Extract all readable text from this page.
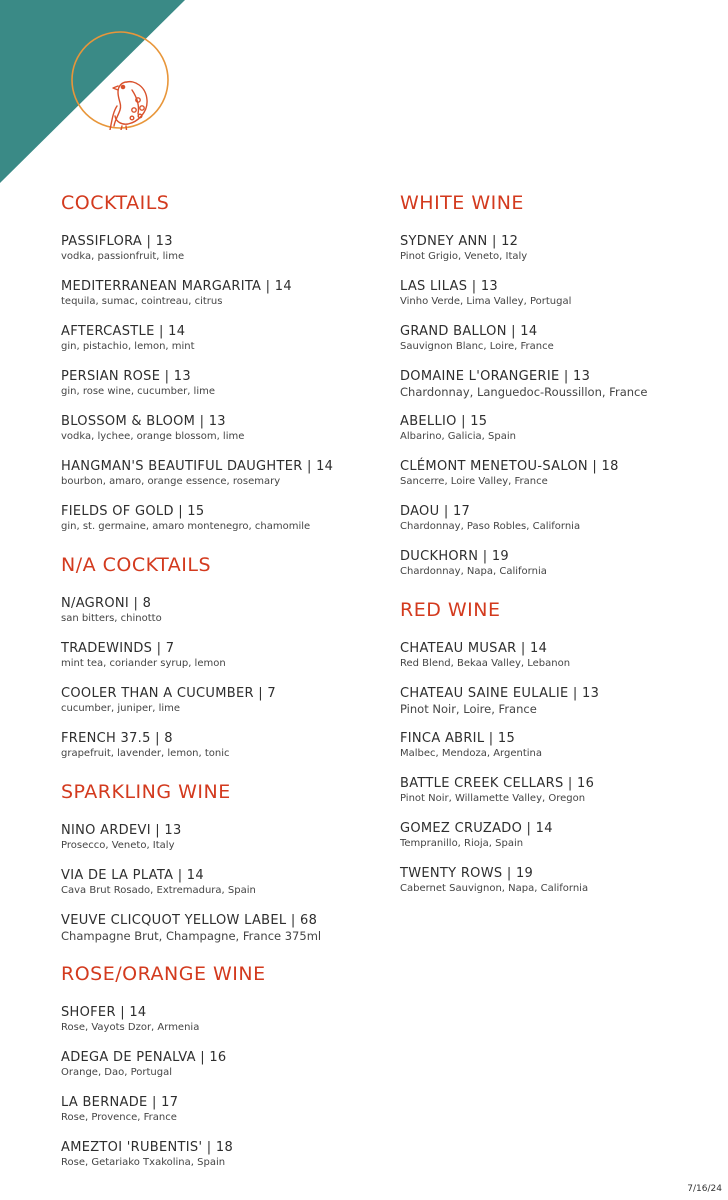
COCKTAILS
PASSIFLORA | 13
vodka, passionfruit, lime
MEDITERRANEAN MARGARITA | 14
tequila, sumac, cointreau, citrus
AFTERCASTLE | 14
gin, pistachio, lemon, mint
PERSIAN ROSE | 13
gin, rose wine, cucumber, lime
BLOSSOM & BLOOM | 13
vodka, lychee, orange blossom, lime
HANGMAN'S BEAUTIFUL DAUGHTER | 14
bourbon, amaro, orange essence, rosemary
FIELDS OF GOLD | 15
gin, st. germaine, amaro montenegro, chamomile
N/A COCKTAILS
N/AGRONI | 8
san bitters, chinotto
TRADEWINDS | 7
mint tea, coriander syrup, lemon
COOLER THAN A CUCUMBER | 7
cucumber, juniper, lime
FRENCH 37.5 | 8
grapefruit, lavender, lemon, tonic
SPARKLING WINE
NINO ARDEVI | 13
Prosecco, Veneto, Italy
VIA DE LA PLATA | 14
Cava Brut Rosado, Extremadura, Spain
VEUVE CLICQUOT YELLOW LABEL | 68
Champagne Brut, Champagne, France 375ml
ROSE/ORANGE WINE
SHOFER | 14
Rose, Vayots Dzor, Armenia
ADEGA DE PENALVA | 16
Orange, Dao, Portugal
LA BERNADE | 17
Rose, Provence, France
AMEZTOI 'RUBENTIS' | 18
Rose, Getariako Txakolina, Spain
WHITE WINE
SYDNEY ANN | 12
Pinot Grigio, Veneto, Italy
LAS LILAS | 13
Vinho Verde, Lima Valley, Portugal
GRAND BALLON | 14
Sauvignon Blanc, Loire, France
DOMAINE L'ORANGERIE | 13
Chardonnay, Languedoc-Roussillon, France
ABELLIO | 15
Albarino, Galicia, Spain
CLÉMONT MENETOU-SALON | 18
Sancerre, Loire Valley, France
DAOU | 17
Chardonnay, Paso Robles, California
DUCKHORN | 19
Chardonnay, Napa, California
RED WINE
CHATEAU MUSAR | 14
Red Blend, Bekaa Valley, Lebanon
CHATEAU SAINE EULALIE | 13
Pinot Noir, Loire, France
FINCA ABRIL | 15
Malbec, Mendoza, Argentina
BATTLE CREEK CELLARS | 16
Pinot Noir, Willamette Valley, Oregon
GOMEZ CRUZADO | 14
Tempranillo, Rioja, Spain
TWENTY ROWS | 19
Cabernet Sauvignon, Napa, California
7/16/24
